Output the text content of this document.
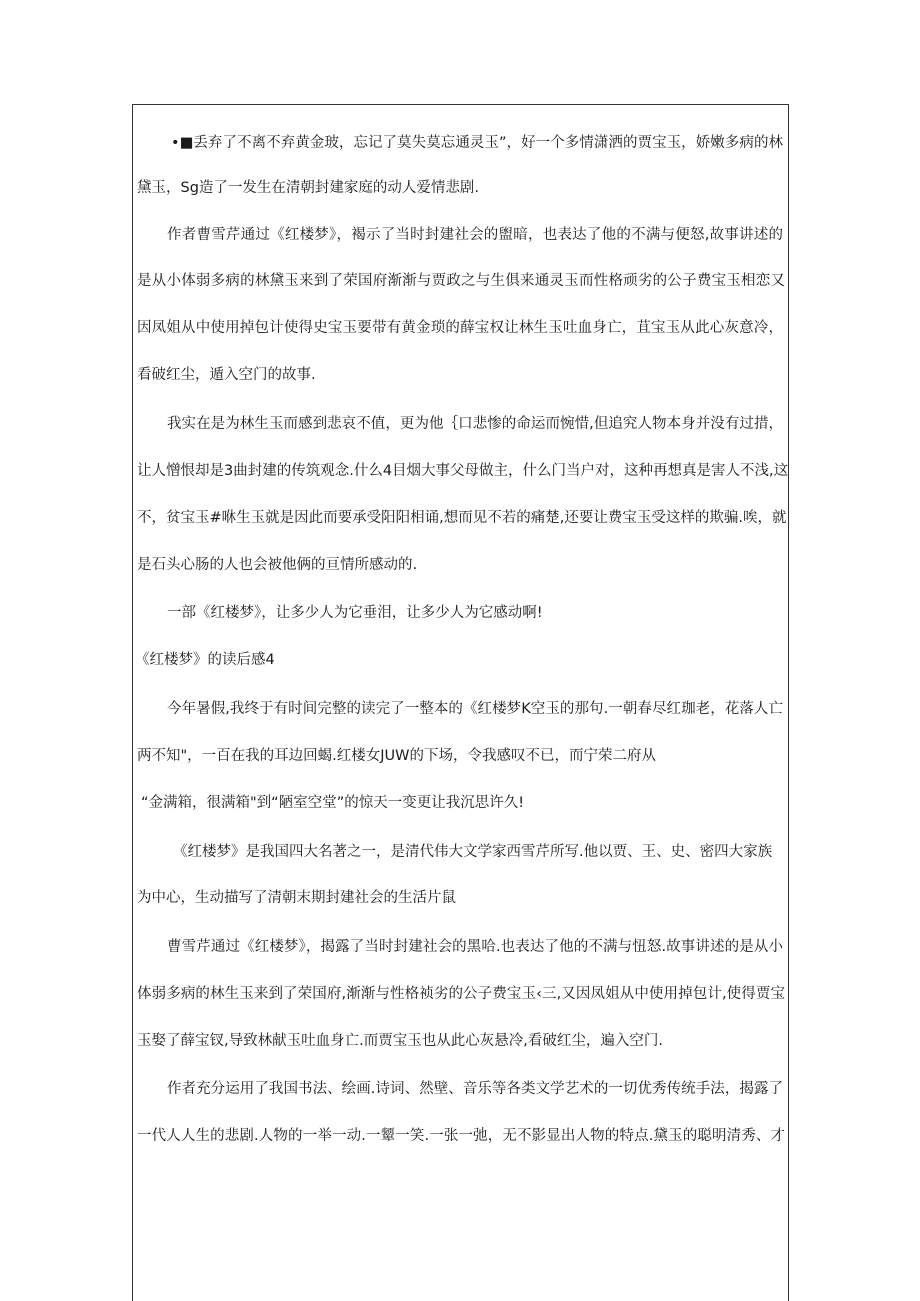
•■丢弃了不离不弃黄金玻，忘记了莫失莫忘通灵玉”，好一个多情潇洒的贾宝玉，娇嫩多病的林
黛玉，Sg造了一发生在清朝封建家庭的动人爱情悲剧.
作者曹雪芹通过《红楼梦》，褐示了当时封建社会的盥暗，也表达了他的不满与便怒,故事讲述的
是从小体弱多病的林黛玉来到了荣国府渐渐与贾政之与生俱来通灵玉而性格顽劣的公子费宝玉相恋又
因凤姐从中使用掉包计使得史宝玉要带有黄金琐的薛宝权让林生玉吐血身亡，苴宝玉从此心灰意冷，
看破红尘，遁入空门的故事.
我实在是为林生玉而感到悲哀不值，更为他｛口悲惨的命运而惋惜,但追究人物本身并没有过措，
让人憎恨却是3曲封建的传筑观念.什么4目烟大事父母做主，什么门当户对，这种再想真是害人不浅,这
不，贫宝玉#咻生玉就是因此而要承受阳阳相诵,想而见不若的痛楚,还要让费宝玉受这样的欺骗.唉，就
是石头心肠的人也会被他俩的亘情所感动的.
一部《红楼梦》，让多少人为它垂泪，让多少人为它感动啊!
《红楼梦》的读后感4
今年暑假,我终于有时间完整的读完了一整本的《红楼梦K空玉的那句.一朝春尽红珈老，花落人亡
两不知"，一百在我的耳边回蝎.红楼女JUW的下场，令我感叹不已，而宁荣二府从
“金满箱，很满箱"到“陋室空堂”的惊天一变更让我沉思许久!
《红楼梦》是我国四大名著之一，是清代伟大文学家西雪芹所写.他以贾、王、史、密四大家族
为中心，生动描写了清朝末期封建社会的生活片鼠
曹雪芹通过《红楼梦》，揭露了当时封建社会的黑哈.也表达了他的不满与忸怒.故事讲述的是从小
体弱多病的林生玉来到了荣国府,渐渐与性格祯劣的公子费宝玉‹三,又因凤姐从中使用掉包计,使得贾宝
玉娶了薛宝钗,导致林献玉吐血身亡.而贾宝玉也从此心灰悬冷,看破红尘，遍入空门.
作者充分运用了我国书法、绘画.诗词、然壁、音乐等各类文学艺术的一切优秀传统手法，揭露了
一代人人生的悲剧.人物的一举一动.一颦一笑.一张一弛，无不影显出人物的特点.黛玉的聪明清秀、才
